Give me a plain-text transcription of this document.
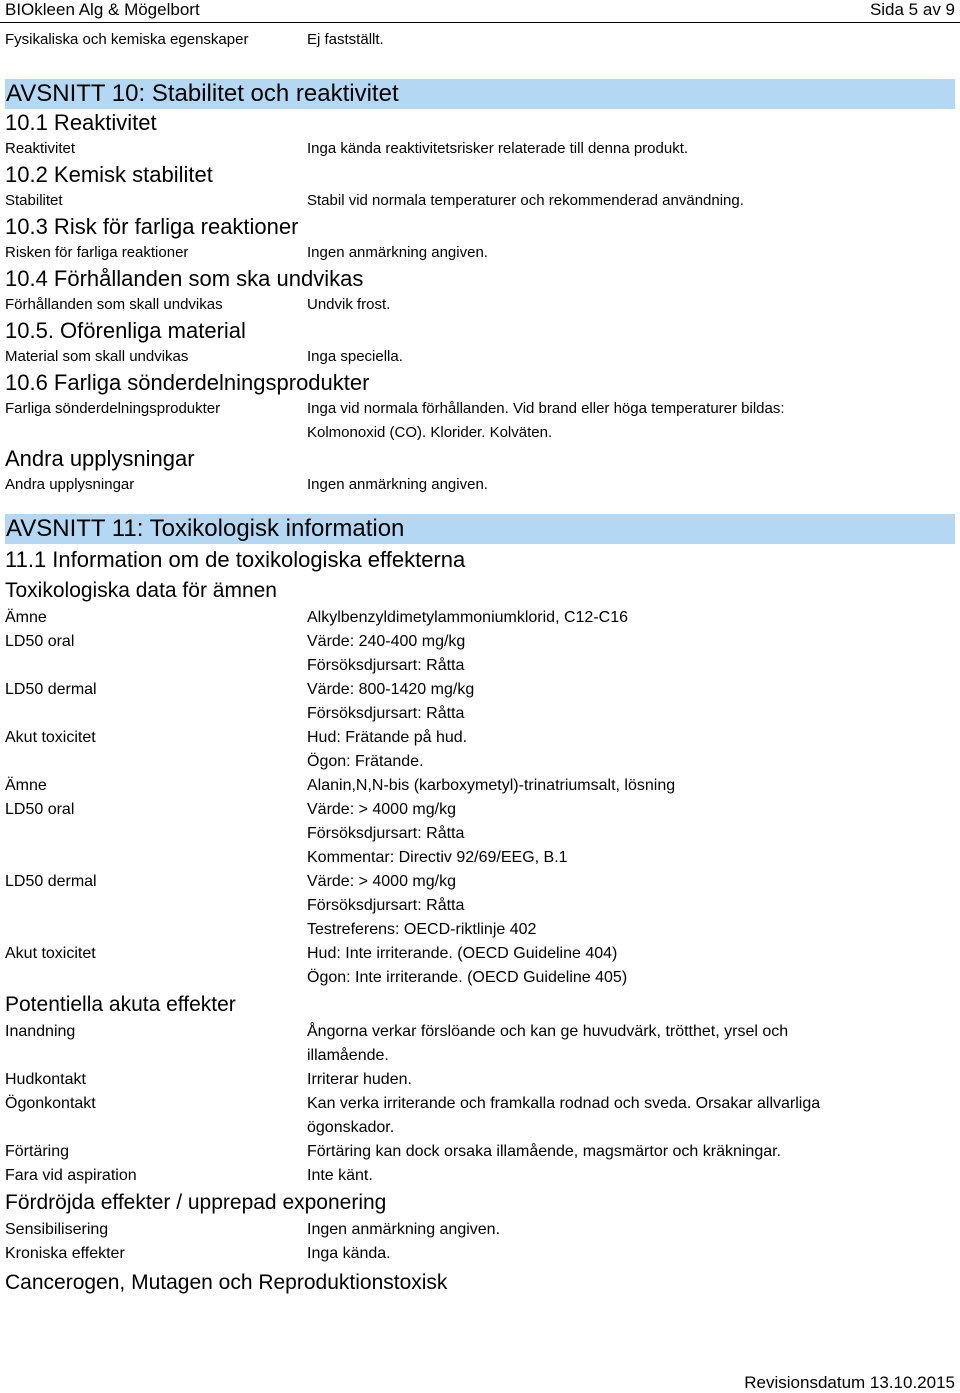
BIOkleen Alg & Mögelbort	Sida 5 av 9
Fysikaliska och kemiska egenskaper	Ej fastställt.
AVSNITT 10: Stabilitet och reaktivitet
10.1 Reaktivitet
Reaktivitet	Inga kända reaktivitetsrisker relaterade till denna produkt.
10.2 Kemisk stabilitet
Stabilitet	Stabil vid normala temperaturer och rekommenderad användning.
10.3 Risk för farliga reaktioner
Risken för farliga reaktioner	Ingen anmärkning angiven.
10.4 Förhållanden som ska undvikas
Förhållanden som skall undvikas	Undvik frost.
10.5. Oförenliga material
Material som skall undvikas	Inga speciella.
10.6 Farliga sönderdelningsprodukter
Farliga sönderdelningsprodukter	Inga vid normala förhållanden. Vid brand eller höga temperaturer bildas:
Kolmonoxid (CO). Klorider. Kolväten.
Andra upplysningar
Andra upplysningar	Ingen anmärkning angiven.
AVSNITT 11: Toxikologisk information
11.1 Information om de toxikologiska effekterna
Toxikologiska data för ämnen
Ämne	Alkylbenzyldimetylammoniumklorid, C12-C16
LD50 oral	Värde: 240-400 mg/kg
Försöksdjursart: Råtta
LD50 dermal	Värde: 800-1420 mg/kg
Försöksdjursart: Råtta
Akut toxicitet	Hud: Frätande på hud.
Ögon: Frätande.
Ämne	Alanin,N,N-bis (karboxymetyl)-trinatriumsalt, lösning
LD50 oral	Värde: > 4000 mg/kg
Försöksdjursart: Råtta
Kommentar: Directiv 92/69/EEG, B.1
LD50 dermal	Värde: > 4000 mg/kg
Försöksdjursart: Råtta
Testreferens: OECD-riktlinje 402
Akut toxicitet	Hud: Inte irriterande. (OECD Guideline 404)
Ögon: Inte irriterande. (OECD Guideline 405)
Potentiella akuta effekter
Inandning	Ångorna verkar förslöande och kan ge huvudvärk, trötthet, yrsel och
illamående.
Hudkontakt	Irriterar huden.
Ögonkontakt	Kan verka irriterande och framkalla rodnad och sveda. Orsakar allvarliga
ögonskador.
Förtäring	Förtäring kan dock orsaka illamående, magsmärtor och kräkningar.
Fara vid aspiration	Inte känt.
Fördröjda effekter / upprepad exponering
Sensibilisering	Ingen anmärkning angiven.
Kroniska effekter	Inga kända.
Cancerogen, Mutagen och Reproduktionstoxisk
Revisionsdatum 13.10.2015
